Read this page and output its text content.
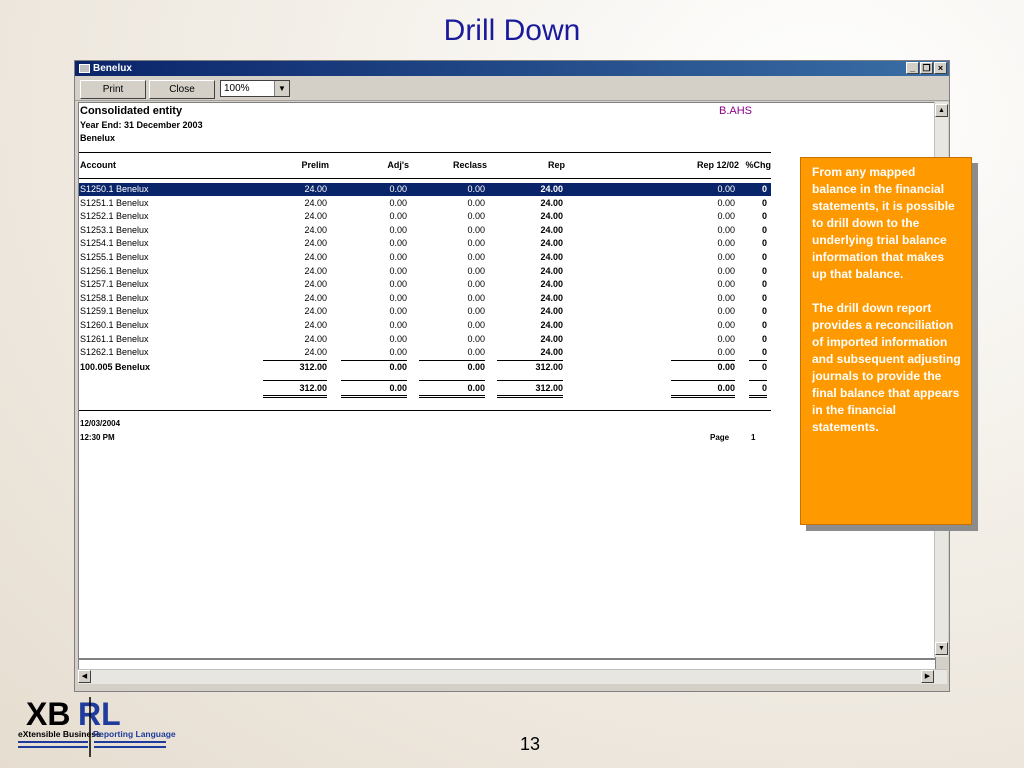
Drill Down
Benelux	_ ❐ ×
Print	Close	100%	▼
Consolidated entity
Year End: 31 December 2003
Benelux
B.AHS
Account	Prelim	Adj's	Reclass	Rep	Rep 12/02 %Chg
S1250.1 Benelux	24.00	0.00	0.00	24.00	0.00	0
S1251.1 Benelux	24.00	0.00	0.00	24.00	0.00	0
S1252.1 Benelux	24.00	0.00	0.00	24.00	0.00	0
S1253.1 Benelux	24.00	0.00	0.00	24.00	0.00	0
S1254.1 Benelux	24.00	0.00	0.00	24.00	0.00	0
S1255.1 Benelux	24.00	0.00	0.00	24.00	0.00	0
S1256.1 Benelux	24.00	0.00	0.00	24.00	0.00	0
S1257.1 Benelux	24.00	0.00	0.00	24.00	0.00	0
S1258.1 Benelux	24.00	0.00	0.00	24.00	0.00	0
S1259.1 Benelux	24.00	0.00	0.00	24.00	0.00	0
S1260.1 Benelux	24.00	0.00	0.00	24.00	0.00	0
S1261.1 Benelux	24.00	0.00	0.00	24.00	0.00	0
S1262.1 Benelux	24.00	0.00	0.00	24.00	0.00	0
100.005 Benelux	312.00	0.00	0.00	312.00	0.00	0
312.00	0.00	0.00	312.00	0.00	0
12/03/2004
12:30 PM	Page	1
▲
▼
◀	▶

From any mapped balance in the financial statements, it is possible to drill down to the underlying trial balance information that makes up that balance.

The drill down report provides a reconciliation of imported information and subsequent adjusting journals to provide the final balance that appears in the financial statements.

XB RL
eXtensible Business
Reporting Language	13
